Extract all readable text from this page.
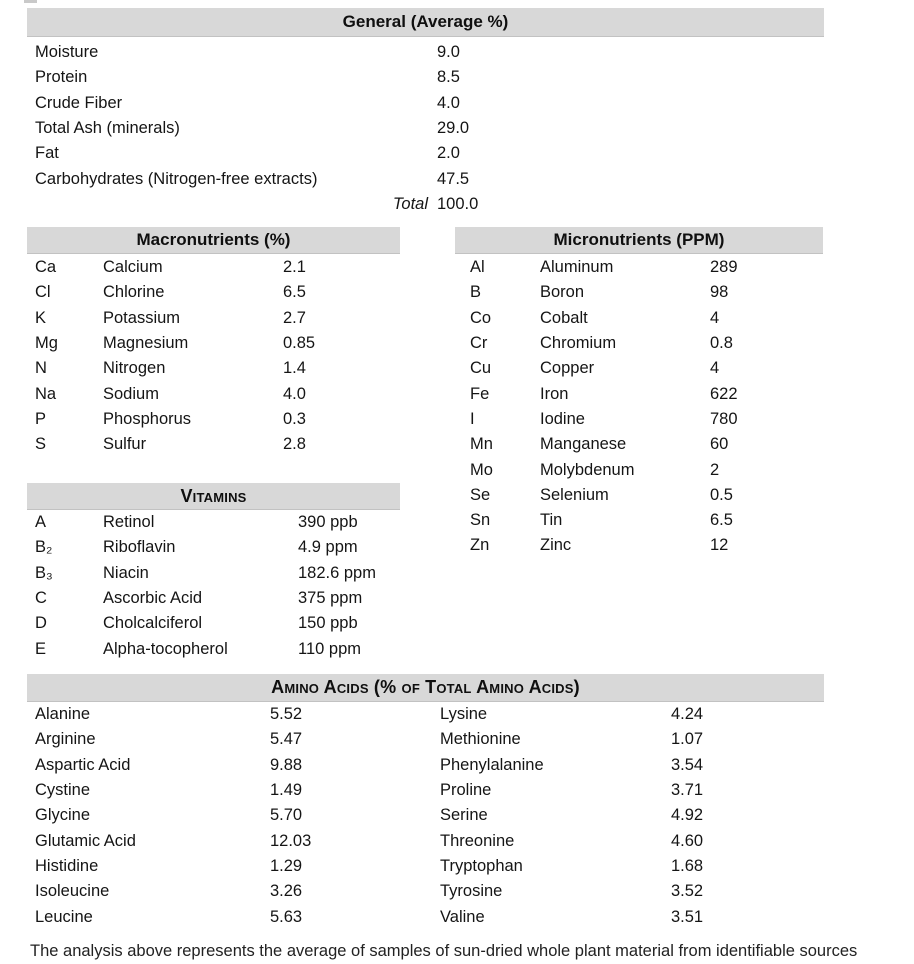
General (Average %)
Moisture	9.0
Protein	8.5
Crude Fiber	4.0
Total Ash (minerals)	29.0
Fat	2.0
Carbohydrates (Nitrogen-free extracts)	47.5
Total 100.0
Macronutrients (%)
Ca	Calcium	2.1
Cl	Chlorine	6.5
K	Potassium	2.7
Mg	Magnesium	0.85
N	Nitrogen	1.4
Na	Sodium	4.0
P	Phosphorus	0.3
S	Sulfur	2.8
Micronutrients (PPM)
Al	Aluminum	289
B	Boron	98
Co	Cobalt	4
Cr	Chromium	0.8
Cu	Copper	4
Fe	Iron	622
I	Iodine	780
Mn	Manganese	60
Mo	Molybdenum	2
Se	Selenium	0.5
Sn	Tin	6.5
Zn	Zinc	12
Vitamins
A	Retinol	390 ppb
B₂	Riboflavin	4.9 ppm
B₃	Niacin	182.6 ppm
C	Ascorbic Acid	375 ppm
D	Cholcalciferol	150 ppb
E	Alpha-tocopherol	110 ppm
Amino Acids (% of Total Amino Acids)
Alanine	5.52	Lysine	4.24
Arginine	5.47	Methionine	1.07
Aspartic Acid	9.88	Phenylalanine	3.54
Cystine	1.49	Proline	3.71
Glycine	5.70	Serine	4.92
Glutamic Acid	12.03	Threonine	4.60
Histidine	1.29	Tryptophan	1.68
Isoleucine	3.26	Tyrosine	3.52
Leucine	5.63	Valine	3.51
The analysis above represents the average of samples of sun-dried whole plant material from identifiable sources
